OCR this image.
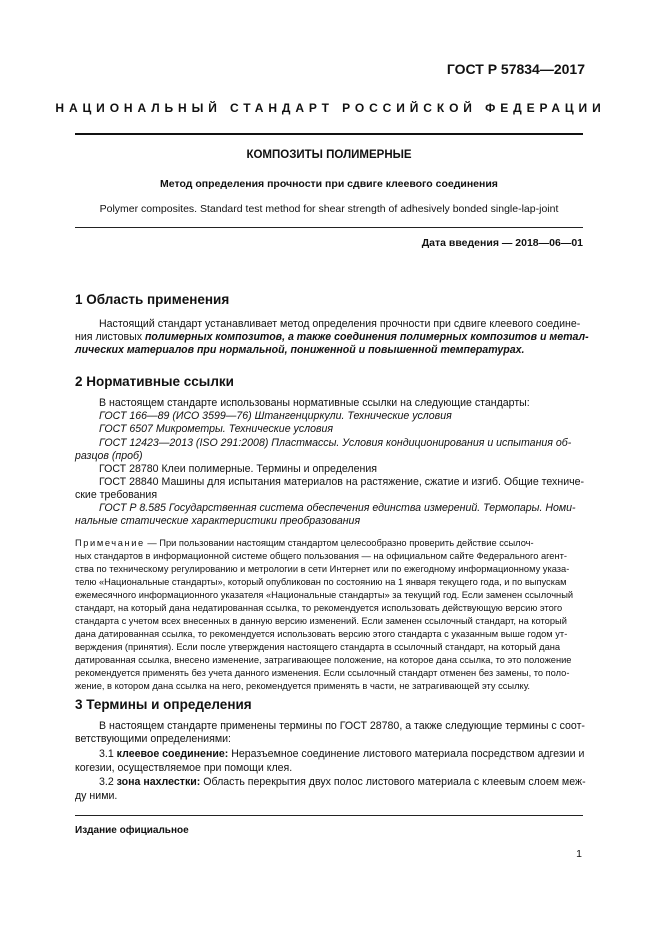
ГОСТ Р 57834—2017
НАЦИОНАЛЬНЫЙ СТАНДАРТ РОССИЙСКОЙ ФЕДЕРАЦИИ
КОМПОЗИТЫ ПОЛИМЕРНЫЕ
Метод определения прочности при сдвиге клеевого соединения
Polymer composites. Standard test method for shear strength of adhesively bonded single-lap-joint
Дата введения — 2018—06—01
1 Область применения
Настоящий стандарт устанавливает метод определения прочности при сдвиге клеевого соедине-
ния листовых полимерных композитов, а также соединения полимерных композитов и метал-
лических материалов при нормальной, пониженной и повышенной температурах.
2 Нормативные ссылки
В настоящем стандарте использованы нормативные ссылки на следующие стандарты:
ГОСТ 166—89 (ИСО 3599—76) Штангенциркули. Технические условия
ГОСТ 6507 Микрометры. Технические условия
ГОСТ 12423—2013 (ISO 291:2008) Пластмассы. Условия кондиционирования и испытания об-
разцов (проб)
ГОСТ 28780 Клеи полимерные. Термины и определения
ГОСТ 28840 Машины для испытания материалов на растяжение, сжатие и изгиб. Общие техниче-
ские требования
ГОСТ Р 8.585 Государственная система обеспечения единства измерений. Термопары. Номи-
нальные статические характеристики преобразования
Примечание — При пользовании настоящим стандартом целесообразно проверить действие ссылоч-
ных стандартов в информационной системе общего пользования — на официальном сайте Федерального агент-
ства по техническому регулированию и метрологии в сети Интернет или по ежегодному информационному указа-
телю «Национальные стандарты», который опубликован по состоянию на 1 января текущего года, и по выпускам
ежемесячного информационного указателя «Национальные стандарты» за текущий год. Если заменен ссылочный
стандарт, на который дана недатированная ссылка, то рекомендуется использовать действующую версию этого
стандарта с учетом всех внесенных в данную версию изменений. Если заменен ссылочный стандарт, на который
дана датированная ссылка, то рекомендуется использовать версию этого стандарта с указанным выше годом ут-
верждения (принятия). Если после утверждения настоящего стандарта в ссылочный стандарт, на который дана
датированная ссылка, внесено изменение, затрагивающее положение, на которое дана ссылка, то это положение
рекомендуется применять без учета данного изменения. Если ссылочный стандарт отменен без замены, то поло-
жение, в котором дана ссылка на него, рекомендуется применять в части, не затрагивающей эту ссылку.
3 Термины и определения
В настоящем стандарте применены термины по ГОСТ 28780, а также следующие термины с соот-
ветствующими определениями:
3.1 клеевое соединение: Неразъемное соединение листового материала посредством адгезии и
когезии, осуществляемое при помощи клея.
3.2 зона нахлестки: Область перекрытия двух полос листового материала с клеевым слоем меж-
ду ними.
Издание официальное
1
